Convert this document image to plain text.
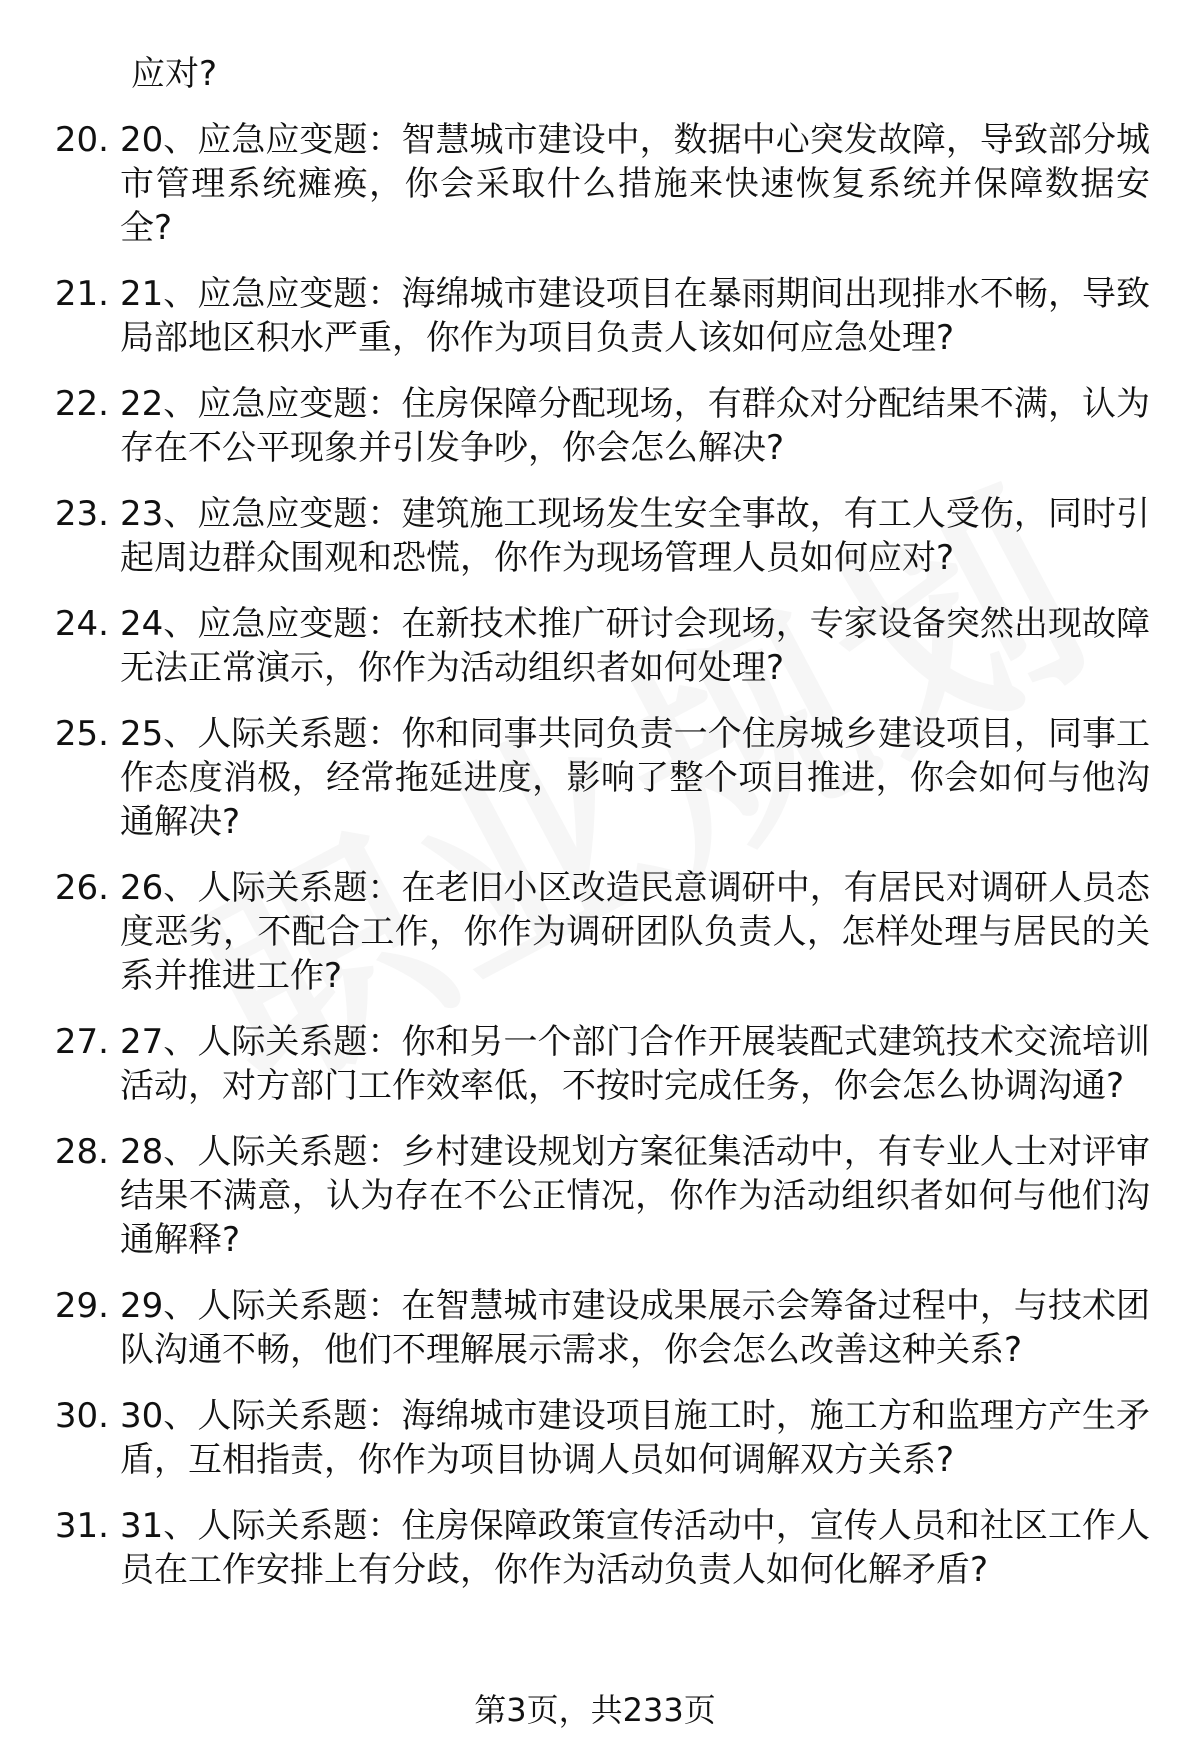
应对?
20. 20、应急应变题：智慧城市建设中，数据中心突发故障，导致部分城市管理系统瘫痪，你会采取什么措施来快速恢复系统并保障数据安全?
21. 21、应急应变题：海绵城市建设项目在暴雨期间出现排水不畅，导致局部地区积水严重，你作为项目负责人该如何应急处理?
22. 22、应急应变题：住房保障分配现场，有群众对分配结果不满，认为存在不公平现象并引发争吵，你会怎么解决?
23. 23、应急应变题：建筑施工现场发生安全事故，有工人受伤，同时引起周边群众围观和恐慌，你作为现场管理人员如何应对?
24. 24、应急应变题：在新技术推广研讨会现场，专家设备突然出现故障无法正常演示，你作为活动组织者如何处理?
25. 25、人际关系题：你和同事共同负责一个住房城乡建设项目，同事工作态度消极，经常拖延进度，影响了整个项目推进，你会如何与他沟通解决?
26. 26、人际关系题：在老旧小区改造民意调研中，有居民对调研人员态度恶劣，不配合工作，你作为调研团队负责人，怎样处理与居民的关系并推进工作?
27. 27、人际关系题：你和另一个部门合作开展装配式建筑技术交流培训活动，对方部门工作效率低，不按时完成任务，你会怎么协调沟通?
28. 28、人际关系题：乡村建设规划方案征集活动中，有专业人士对评审结果不满意，认为存在不公正情况，你作为活动组织者如何与他们沟通解释?
29. 29、人际关系题：在智慧城市建设成果展示会筹备过程中，与技术团队沟通不畅，他们不理解展示需求，你会怎么改善这种关系?
30. 30、人际关系题：海绵城市建设项目施工时，施工方和监理方产生矛盾，互相指责，你作为项目协调人员如何调解双方关系?
31. 31、人际关系题：住房保障政策宣传活动中，宣传人员和社区工作人员在工作安排上有分歧，你作为活动负责人如何化解矛盾?
第3页，共233页
